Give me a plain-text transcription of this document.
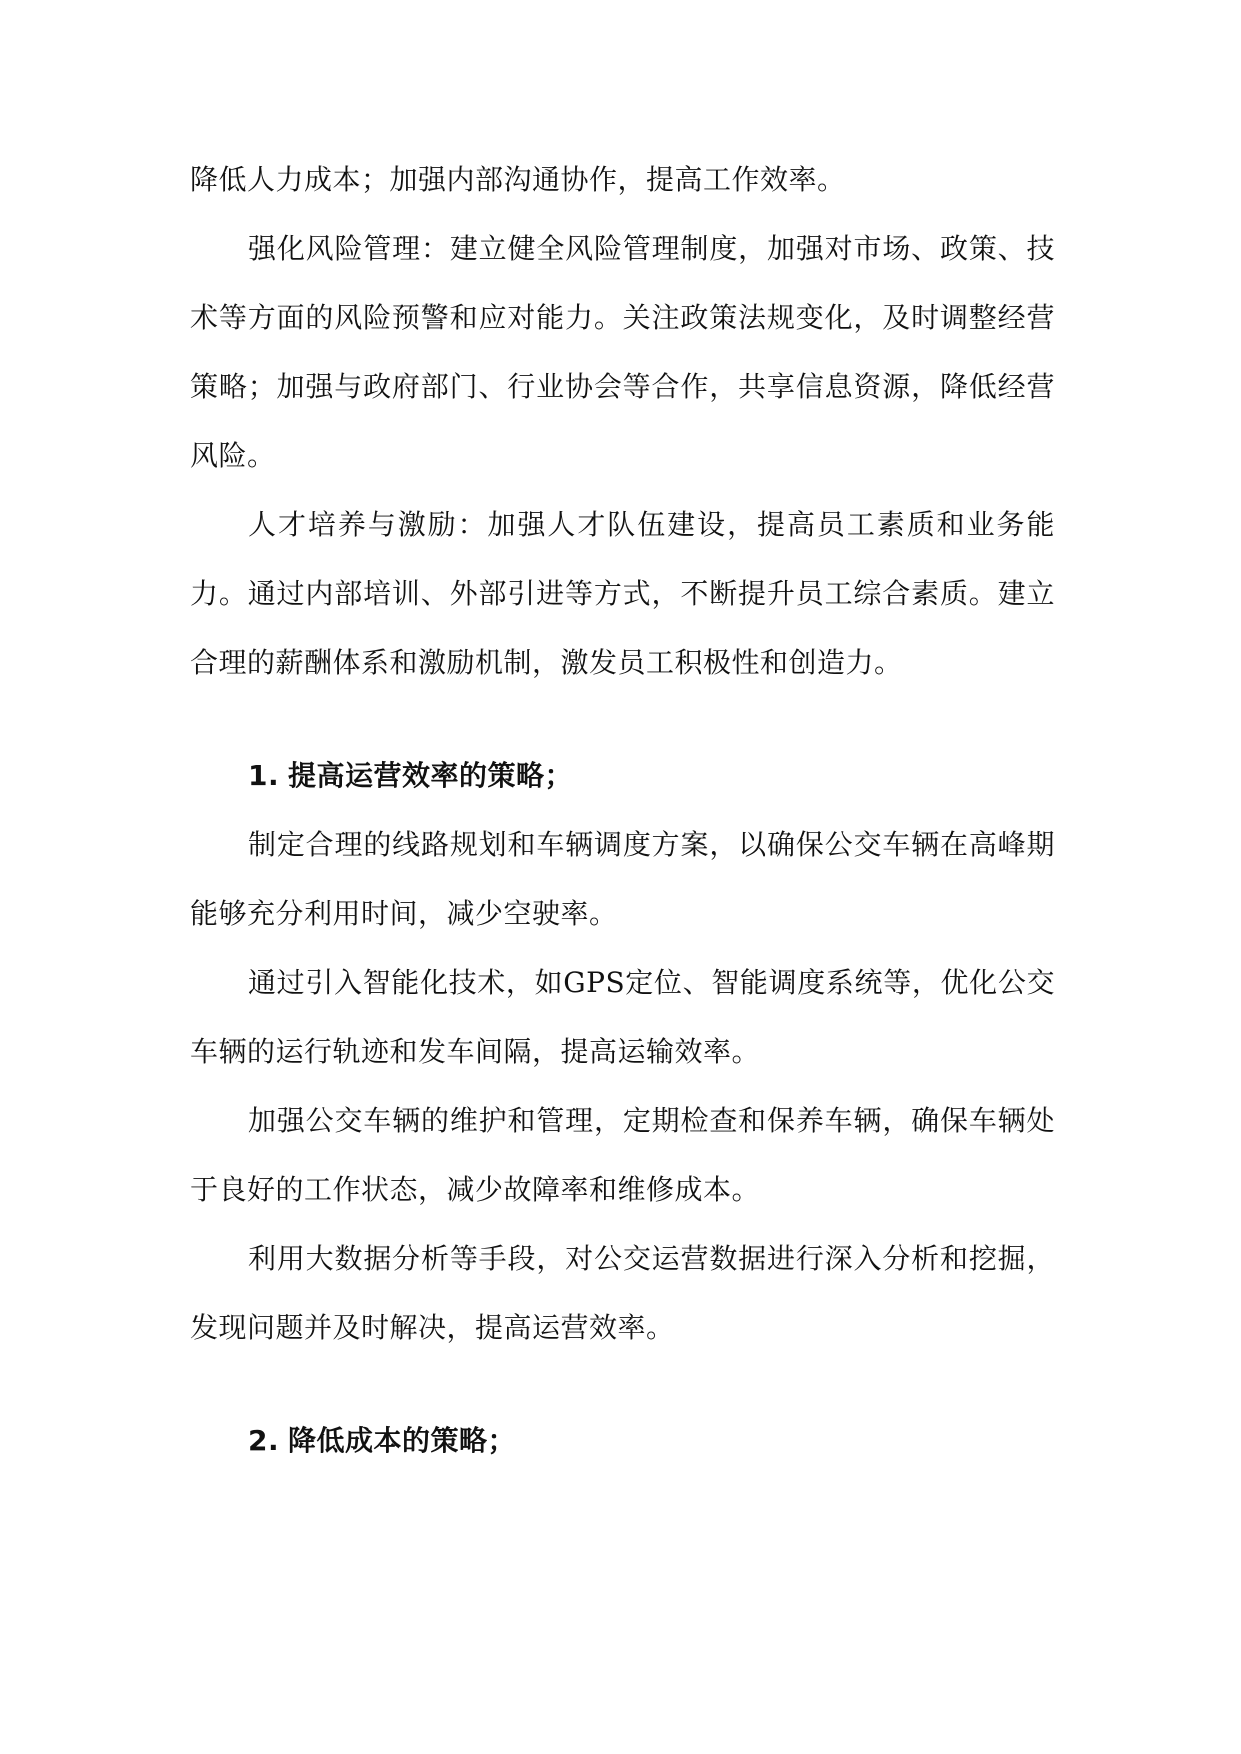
降低人力成本；加强内部沟通协作，提高工作效率。

强化风险管理：建立健全风险管理制度，加强对市场、政策、技术等方面的风险预警和应对能力。关注政策法规变化，及时调整经营策略；加强与政府部门、行业协会等合作，共享信息资源，降低经营风险。

人才培养与激励：加强人才队伍建设，提高员工素质和业务能力。通过内部培训、外部引进等方式，不断提升员工综合素质。建立合理的薪酬体系和激励机制，激发员工积极性和创造力。

1. 提高运营效率的策略；

制定合理的线路规划和车辆调度方案，以确保公交车辆在高峰期能够充分利用时间，减少空驶率。

通过引入智能化技术，如GPS定位、智能调度系统等，优化公交车辆的运行轨迹和发车间隔，提高运输效率。

加强公交车辆的维护和管理，定期检查和保养车辆，确保车辆处于良好的工作状态，减少故障率和维修成本。

利用大数据分析等手段，对公交运营数据进行深入分析和挖掘，发现问题并及时解决，提高运营效率。

2. 降低成本的策略；
